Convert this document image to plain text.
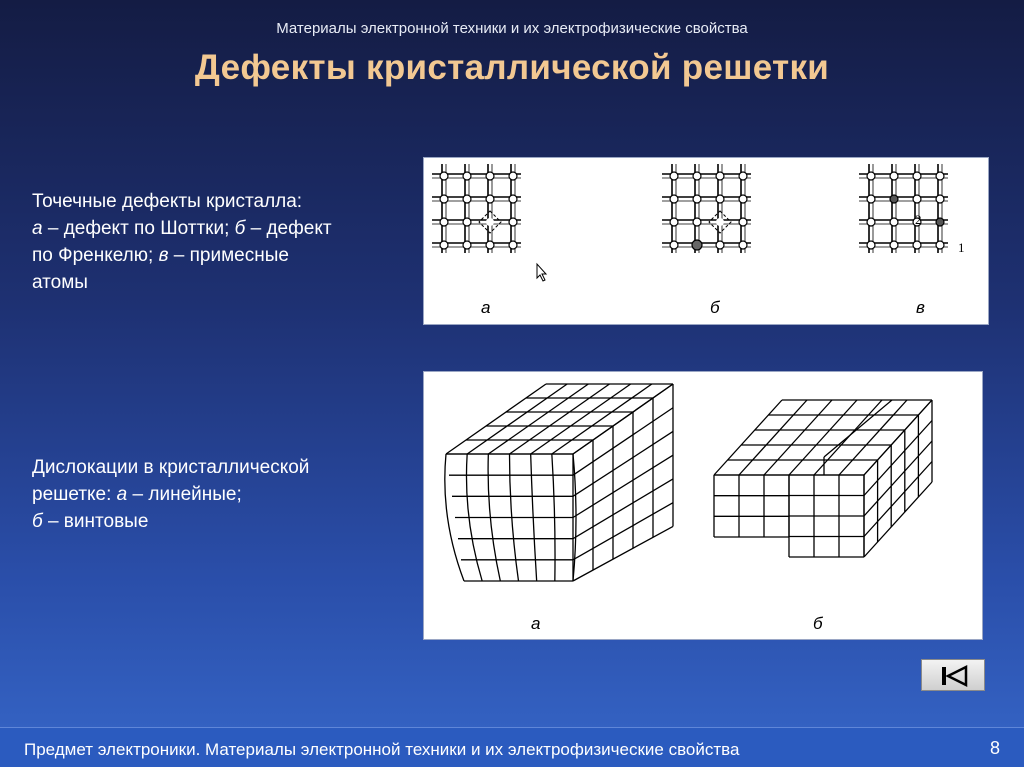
Материалы электронной техники и их электрофизические свойства
Дефекты кристаллической решетки
Точечные дефекты кристалла:
а – дефект по Шоттки; б – дефект
по Френкелю; в – примесные
атомы
2
1
а	б	в
Дислокации в кристаллической
решетке: а – линейные;
б – винтовые
а	б
Предмет электроники. Материалы электронной техники и их электрофизические свойства	8
